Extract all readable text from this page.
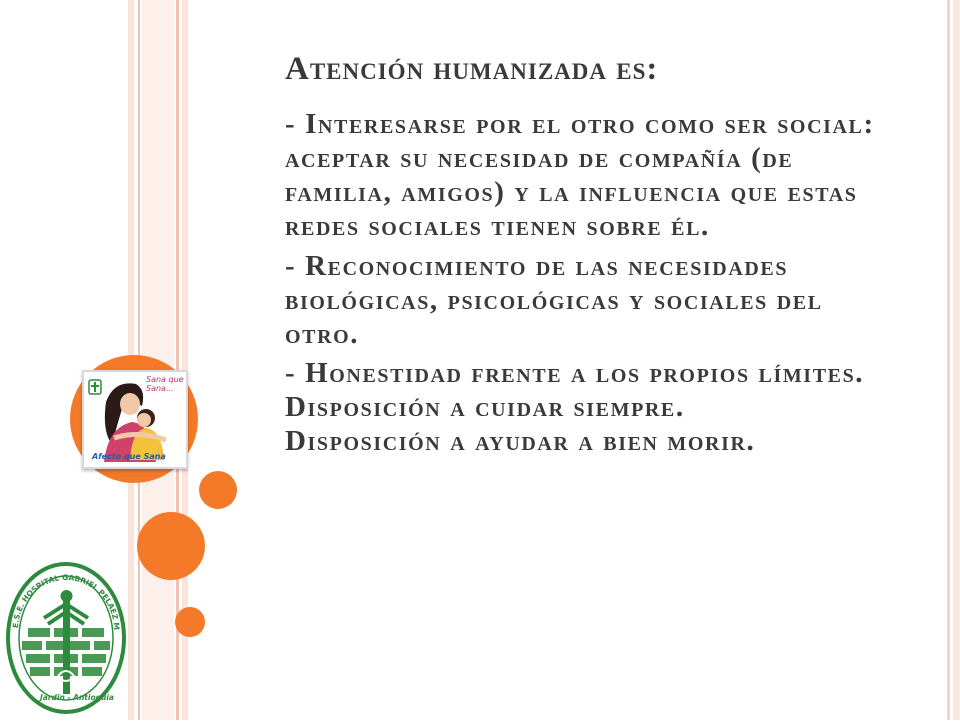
Sana que Sana...
Afecto que Sana
E.S.E. HOSPITAL GABRIEL PELAEZ M
Jardin - Antioquia
Atención humanizada es:

- Interesarse por el otro como ser social: aceptar su necesidad de compañía (de familia, amigos) y la influencia que estas redes sociales tienen sobre él.

- Reconocimiento de las necesidades biológicas, psicológicas y sociales del otro.

- Honestidad frente a los propios límites.

Disposición a cuidar siempre.

Disposición a ayudar a bien morir.
